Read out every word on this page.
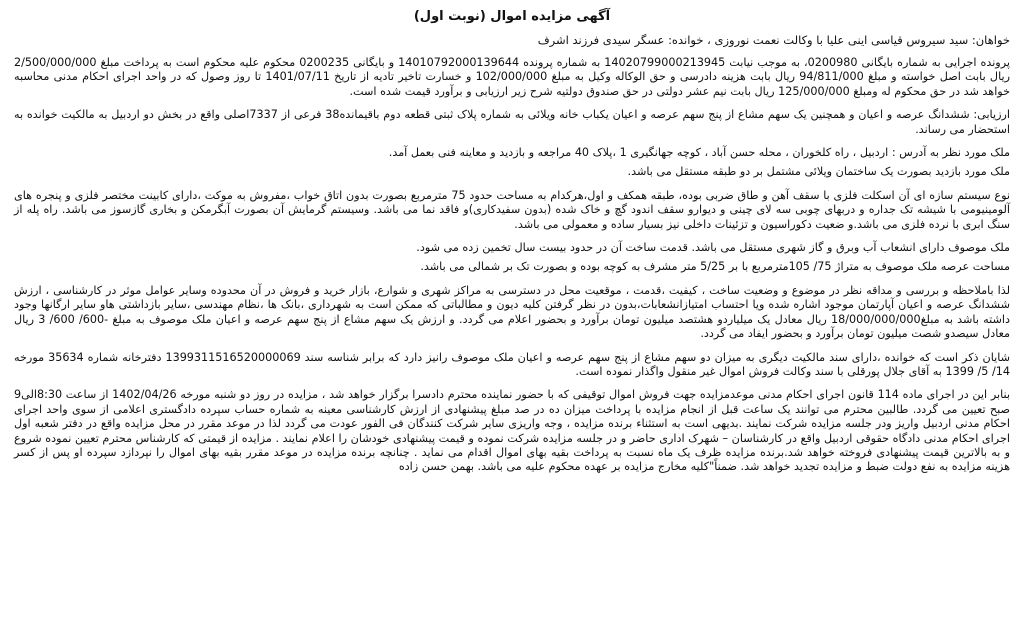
آگهی مزایده اموال (نوبت اول)
خواهان: سید سیروس قیاسی اینی علیا با وکالت نعمت نوروزی ، خوانده: عسگر سیدی فرزند اشرف

پرونده اجرایی به شماره بایگانی 0200980، به موجب نیابت 14020799000213945 به شماره پرونده 14010792000139644 و بایگانی 0200235 محکوم علیه محکوم است به پرداخت مبلغ 2/500/000/000 ریال بابت اصل خواسته و مبلغ 94/811/000 ریال بابت هزینه دادرسی و حق الوکاله وکیل به مبلغ 102/000/000 و خسارت تاخیر تادیه از تاریخ 1401/07/11 تا روز وصول که در واحد اجرای احکام مدنی محاسبه خواهد شد در حق محکوم له ومبلغ 125/000/000 ریال بابت نیم عشر دولتی در حق صندوق دولتیه شرح زیر ارزیابی و برآورد قیمت شده است.

ارزیابی: ششدانگ عرصه و اعیان و همچنین یک سهم مشاع از پنج سهم عرصه و اعیان یکباب خانه ویلائی به شماره پلاک ثبتی قطعه دوم باقیمانده38 فرعی از 7337اصلی واقع در بخش دو اردبیل به مالکیت خوانده به استحضار می رساند.

ملک مورد نظر به آدرس : اردبیل ، راه کلخوران ، محله حسن آباد ، کوچه جهانگیری 1 ،پلاک 40 مراجعه و بازدید و معاینه فنی بعمل آمد.

ملک مورد بازدید بصورت یک ساختمان ویلائی مشتمل بر دو طبقه مستقل می باشد.

نوع سیستم سازه ای آن اسکلت فلزی با سقف آهن و طاق ضربی بوده، طبقه همکف و اول،هرکدام به مساحت حدود 75 مترمربع بصورت بدون اتاق خواب ،مفروش به موکت ،دارای کابینت مختصر فلزی و پنجره های آلومینیومی با شیشه تک جداره و دربهای چوبی سه لای چینی و دیوارو سقف اندود گچ و خاک شده (بدون سفیدکاری)و فاقد نما می باشد. وسیستم گرمایش آن بصورت آبگرمکن و بخاری گازسوز می باشد. راه پله از سنگ ابری با نرده فلزی می باشد.و ضعیت دکوراسیون و تزئینات داخلی نیز بسیار ساده و معمولی می باشد.

ملک موصوف دارای انشعاب آب وبرق و گاز شهری مستقل می باشد. قدمت ساخت آن در حدود بیست سال تخمین زده می شود.

مساحت عرصه ملک موصوف به متراژ 75/ 105مترمربع با بر 5/25 متر مشرف به کوچه بوده و بصورت تک بر شمالی می باشد.

لذا باملاحظه و بررسی و مداقه نظر در موضوع و وضعیت ساخت ، کیفیت ،قدمت ، موقعیت محل در دسترسی به مراکز شهری و شوارع، بازار خرید و فروش در آن محدوده وسایر عوامل موثر در کارشناسی ، ارزش ششدانگ عرصه و اعیان آپارتمان موجود اشاره شده ویا احتساب امتیازانشعابات،بدون در نظر گرفتن کلیه دیون و مطالباتی که ممکن است به شهرداری ،بانک ها ،نظام مهندسی ،سایر بازداشتی هاو سایر ارگانها وجود داشته باشد به مبلغ18/000/000/000 ریال معادل یک میلیاردو هشتصد میلیون تومان برآورد و بحضور اعلام می گردد. و ارزش یک سهم مشاع از پنج سهم عرصه و اعیان ملک موصوف به مبلغ -600/ 600/ 3 ریال معادل سیصدو شصت میلیون تومان برآورد و بحضور ایفاد می گردد.

شایان ذکر است که خوانده ،دارای سند مالکیت دیگری به میزان دو سهم مشاع از پنج سهم عرصه و اعیان ملک موصوف رانیز دارد که برابر شناسه سند 1399311516520000069 دفترخانه شماره 35634 مورخه 14/ 5/ 1399 به آقای جلال پورقلی با سند وکالت فروش اموال غیر منقول واگذار نموده است.

بنابر این در اجرای ماده 114 قانون اجرای احکام مدنی موعدمزایده جهت فروش اموال توقیفی که با حضور نماینده محترم دادسرا برگزار خواهد شد ، مزایده در روز دو شنبه مورخه 1402/04/26 از ساعت 8:30الی9 صبح تعیین می گردد. طالبین محترم می توانند یک ساعت قبل از انجام مزایده با پرداخت میزان ده در صد مبلغ پیشنهادی از ارزش کارشناسی معینه به شماره حساب سپرده دادگستری اعلامی از سوی واحد اجرای احکام مدنی اردبیل واریز ودر جلسه مزایده شرکت نمایند .بدیهی است به استثناء برنده مزایده ، وجه واریزی سایر شرکت کنندگان فی الفور عودت می گردد لذا در موعد مقرر در محل مزایده واقع در دفتر شعبه اول اجرای احکام مدنی دادگاه حقوقی اردبیل واقع در کارشناسان – شهرک اداری حاضر و در جلسه مزایده شرکت نموده و قیمت پیشنهادی خودشان را اعلام نمایند . مزایده از قیمتی که کارشناس محترم تعیین نموده شروع و به بالاترین قیمت پیشنهادی فروخته خواهد شد.برنده مزایده ظرف یک ماه نسبت به پرداخت بقیه بهای اموال اقدام می نماید . چنانچه برنده مزایده در موعد مقرر بقیه بهای اموال را نپردازد سپرده او پس از کسر هزینه مزایده به نفع دولت ضبط و مزایده تجدید خواهد شد. ضمناً"کلیه مخارج مزایده بر عهده محکوم علیه می باشد. بهمن حسن زاده
